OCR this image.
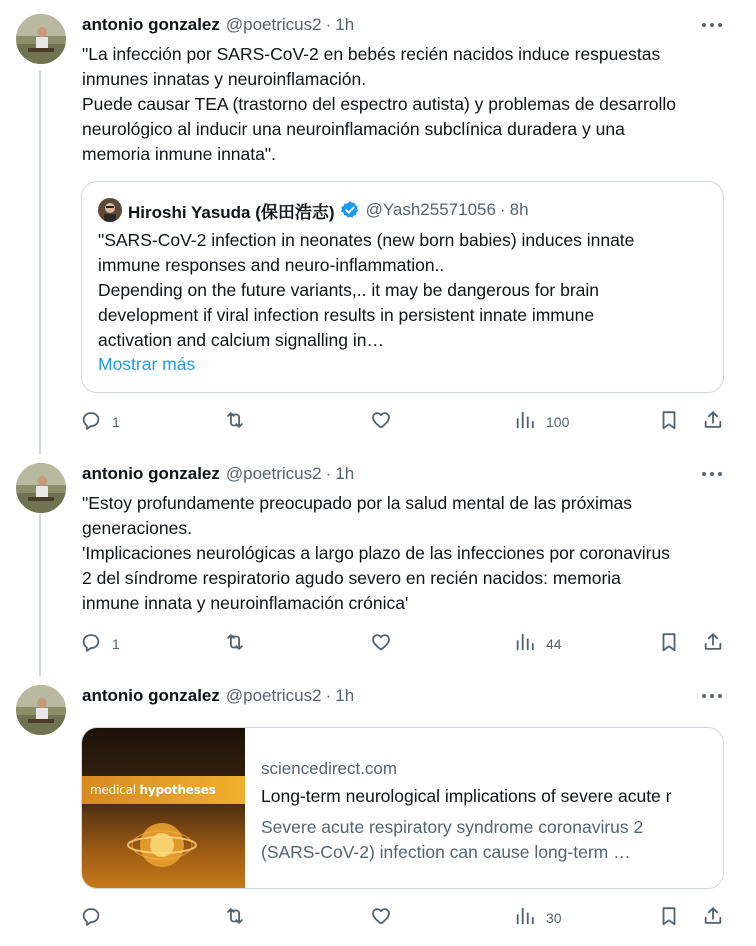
antonio gonzalez @poetricus2 · 1h

"La infección por SARS-CoV-2 en bebés recién nacidos induce respuestas

inmunes innatas y neuroinflamación.

Puede causar TEA (trastorno del espectro autista) y problemas de desarrollo

neurológico al inducir una neuroinflamación subclínica duradera y una

memoria inmune innata".

Hiroshi Yasuda (保田浩志) @Yash25571056 · 8h

"SARS-CoV-2 infection in neonates (new born babies) induces innate

immune responses and neuro-inflammation..

Depending on the future variants,.. it may be dangerous for brain

development if viral infection results in persistent innate immune

activation and calcium signalling in…

Mostrar más
1	100
antonio gonzalez @poetricus2 · 1h

"Estoy profundamente preocupado por la salud mental de las próximas

generaciones.

'Implicaciones neurológicas a largo plazo de las infecciones por coronavirus

2 del síndrome respiratorio agudo severo en recién nacidos: memoria

inmune innata y neuroinflamación crónica'

1	44
antonio gonzalez @poetricus2 · 1h
medical hypotheses
sciencedirect.com
Long-term neurological implications of severe acute r

Severe acute respiratory syndrome coronavirus 2

(SARS-CoV-2) infection can cause long-term …

30
